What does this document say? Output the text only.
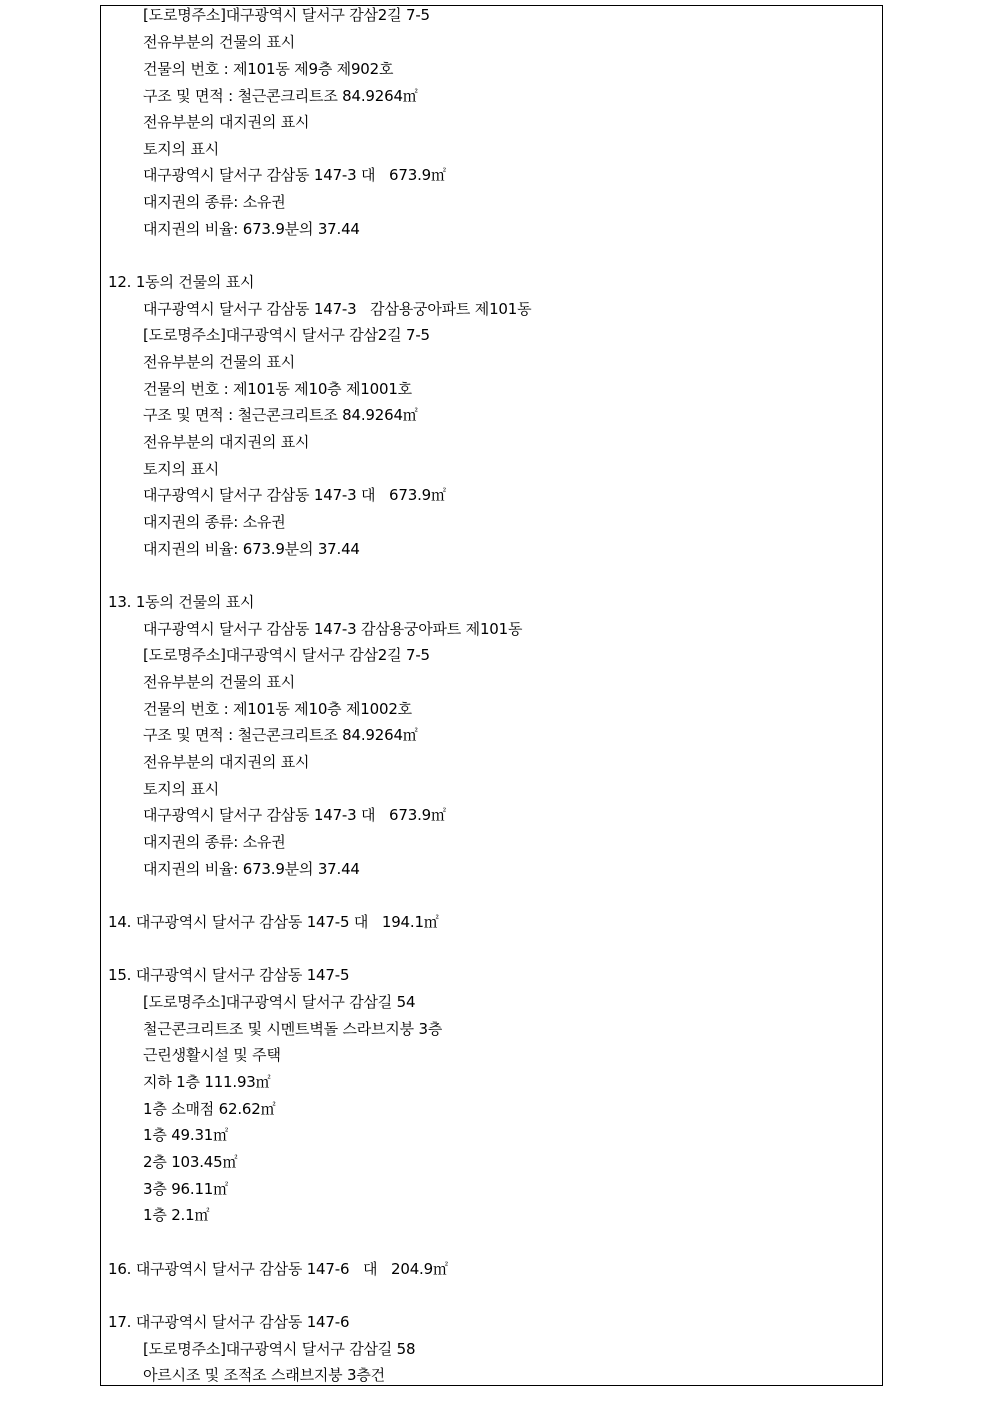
[도로명주소]대구광역시 달서구 감삼2길 7-5
전유부분의 건물의 표시
건물의 번호 : 제101동 제9층 제902호
구조 및 면적 : 철근콘크리트조 84.9264㎡
전유부분의 대지권의 표시
토지의 표시
대구광역시 달서구 감삼동 147-3 대   673.9㎡
대지권의 종류: 소유권
대지권의 비율: 673.9분의 37.44
12. 1동의 건물의 표시
대구광역시 달서구 감삼동 147-3   감삼용궁아파트 제101동
[도로명주소]대구광역시 달서구 감삼2길 7-5
전유부분의 건물의 표시
건물의 번호 : 제101동 제10층 제1001호
구조 및 면적 : 철근콘크리트조 84.9264㎡
전유부분의 대지권의 표시
토지의 표시
대구광역시 달서구 감삼동 147-3 대   673.9㎡
대지권의 종류: 소유권
대지권의 비율: 673.9분의 37.44
13. 1동의 건물의 표시
대구광역시 달서구 감삼동 147-3 감삼용궁아파트 제101동
[도로명주소]대구광역시 달서구 감삼2길 7-5
전유부분의 건물의 표시
건물의 번호 : 제101동 제10층 제1002호
구조 및 면적 : 철근콘크리트조 84.9264㎡
전유부분의 대지권의 표시
토지의 표시
대구광역시 달서구 감삼동 147-3 대   673.9㎡
대지권의 종류: 소유권
대지권의 비율: 673.9분의 37.44
14. 대구광역시 달서구 감삼동 147-5 대   194.1㎡
15. 대구광역시 달서구 감삼동 147-5
[도로명주소]대구광역시 달서구 감삼길 54
철근콘크리트조 및 시멘트벽돌 스라브지붕 3층
근린생활시설 및 주택
지하 1층 111.93㎡
1층 소매점 62.62㎡
1층 49.31㎡
2층 103.45㎡
3층 96.11㎡
1층 2.1㎡
16. 대구광역시 달서구 감삼동 147-6   대   204.9㎡
17. 대구광역시 달서구 감삼동 147-6
[도로명주소]대구광역시 달서구 감삼길 58
아르시조 및 조적조 스래브지붕 3층건
